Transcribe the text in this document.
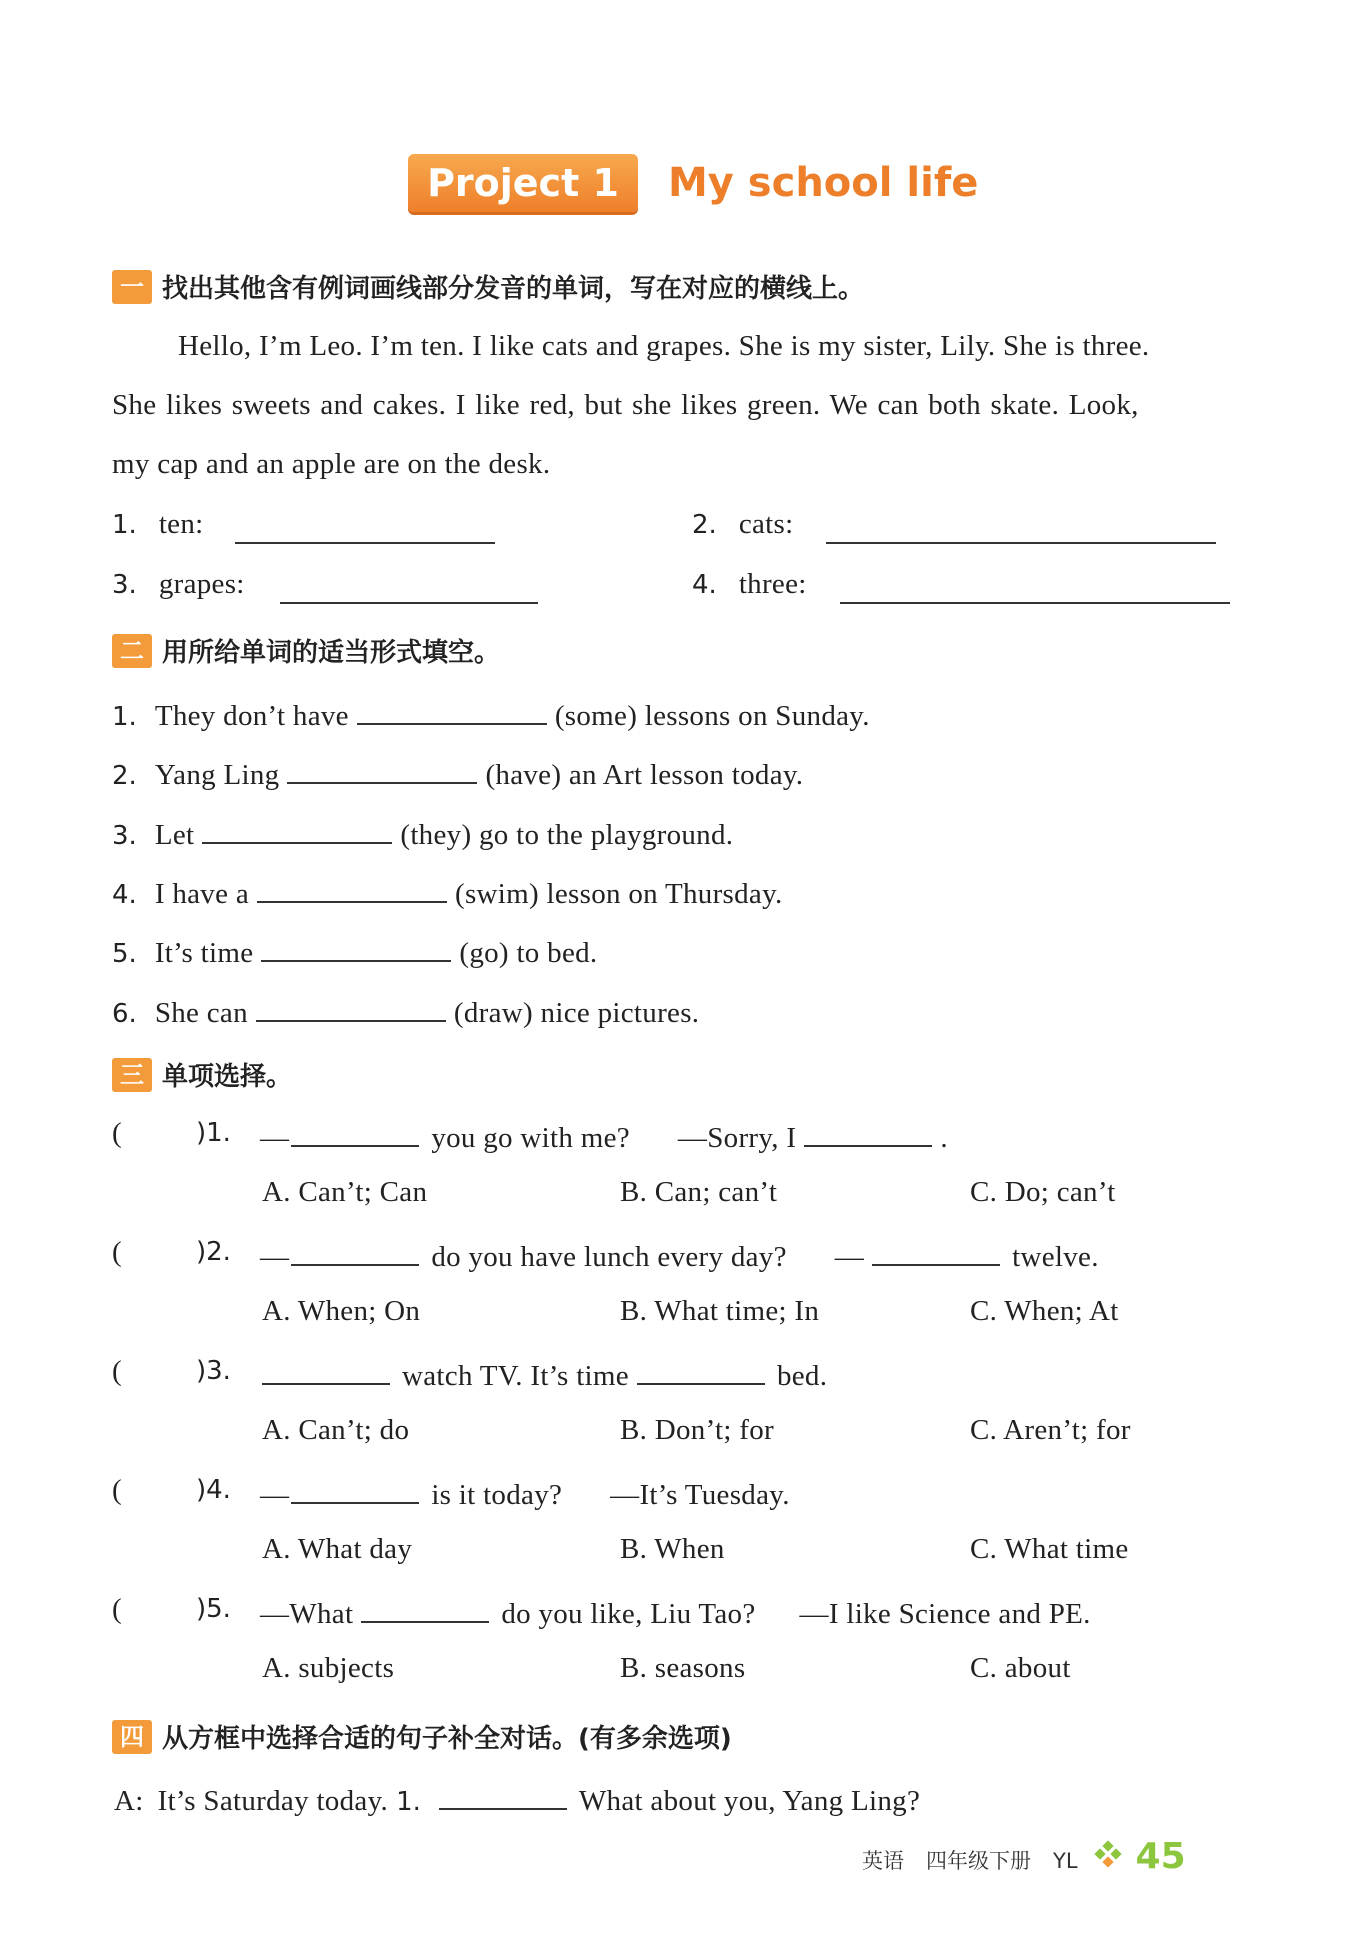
Project 1	My school life
一 找出其他含有例词画线部分发音的单词，写在对应的横线上。
Hello, I’m Leo. I’m ten. I like cats and grapes. She is my sister, Lily. She is three.
She likes sweets and cakes. I like red, but she likes green. We can both skate. Look,
my cap and an apple are on the desk.
1. ten:	2. cats:
3. grapes:	4. three:
二 用所给单词的适当形式填空。
1. They don’t have	(some) lessons on Sunday.
2. Yang Ling	(have) an Art lesson today.
3. Let	(they) go to the playground.
4. I have a	(swim) lesson on Thursday.
5. It’s time	(go) to bed.
6. She can	(draw) nice pictures.
三 单项选择。
(	)1. —	you go with me? —Sorry, I	.
A. Can’t; Can	B. Can; can’t	C. Do; can’t
(	)2. —	do you have lunch every day? —	twelve.
A. When; On	B. What time; In	C. When; At
(	)3.	watch TV. It’s time	bed.
A. Can’t; do	B. Don’t; for	C. Aren’t; for
(	)4. —	is it today? —It’s Tuesday.
A. What day	B. When	C. What time
(	)5. —What	do you like, Liu Tao? —I like Science and PE.
A. subjects	B. seasons	C. about
四 从方框中选择合适的句子补全对话。(有多余选项)
A: It’s Saturday today. 1.	What about you, Yang Ling?
英语 四年级下册 YL 45
